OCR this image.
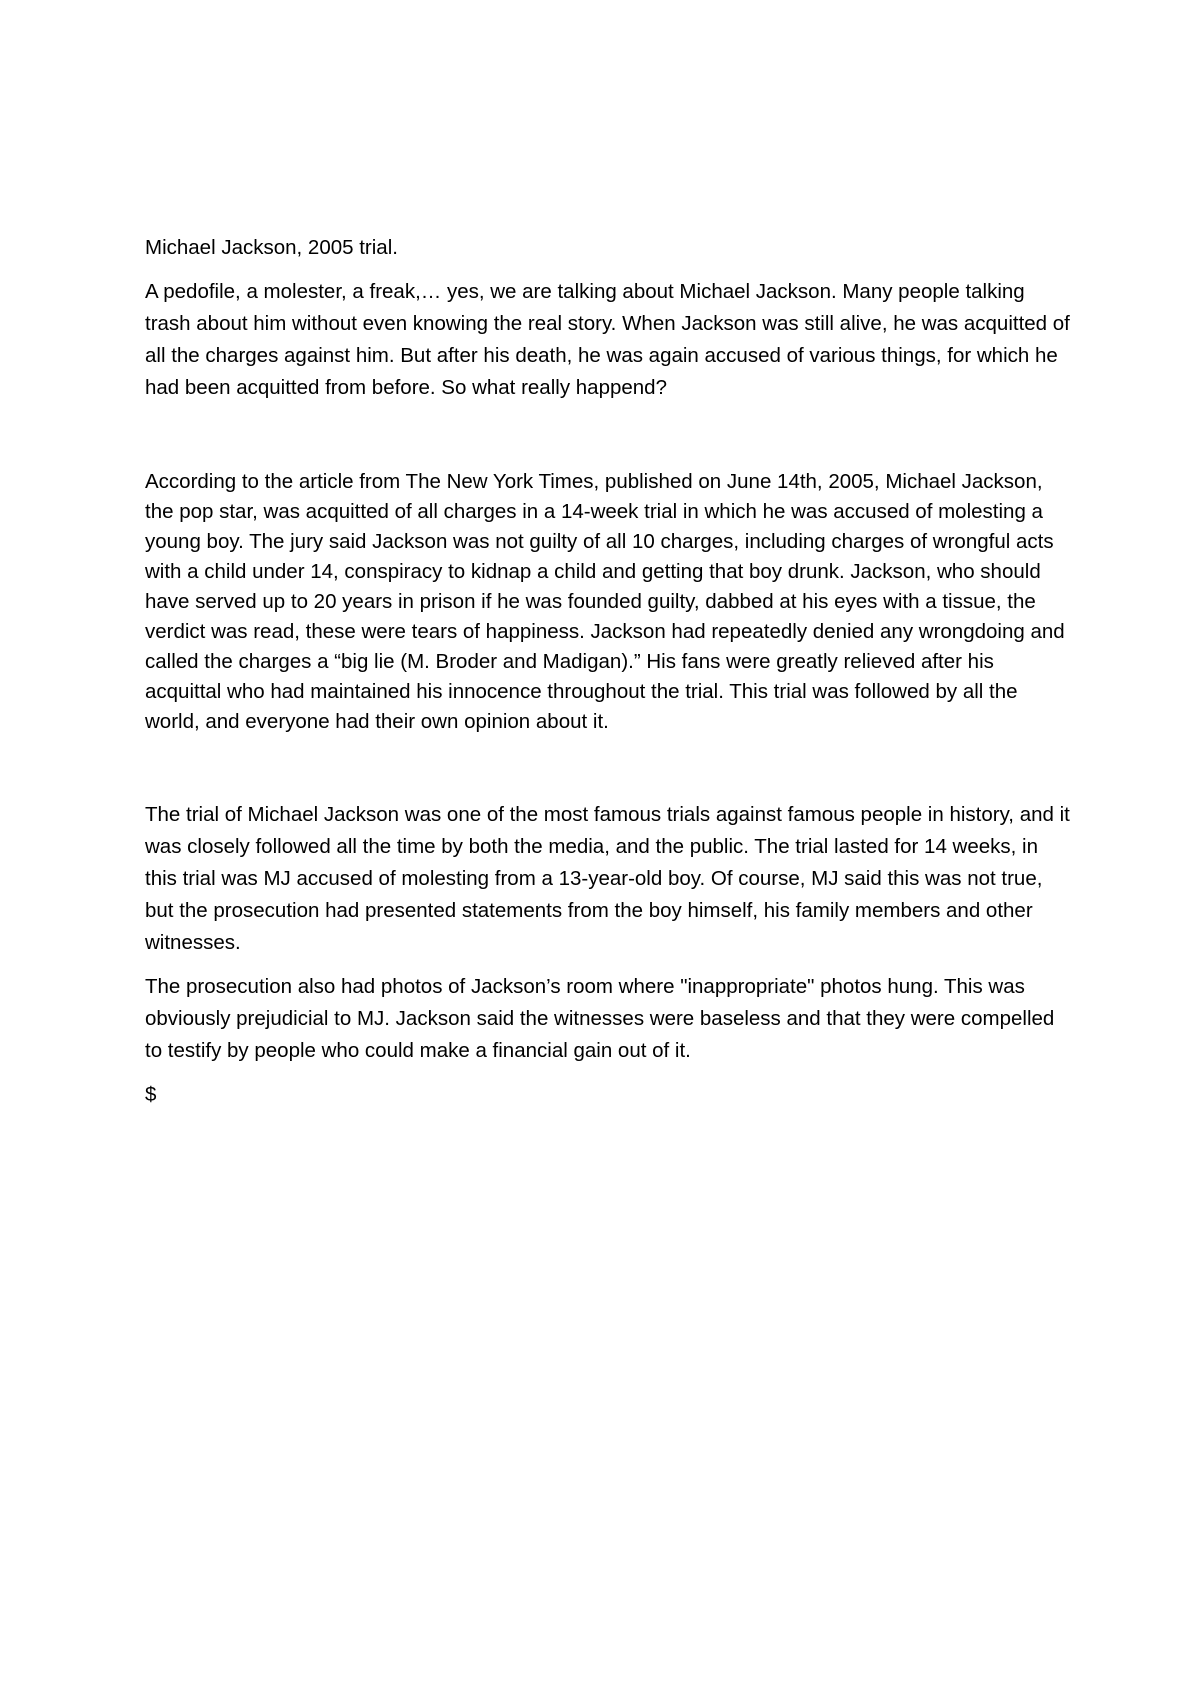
Michael Jackson, 2005 trial.

A pedofile, a molester, a freak,… yes, we are talking about Michael Jackson. Many people talking trash about him without even knowing the real story. When Jackson was still alive, he was acquitted of all the charges against him. But after his death, he was again accused of various things, for which he had been acquitted from before. So what really happend?

According to the article from The New York Times, published on June 14th, 2005, Michael Jackson, the pop star, was acquitted of all charges in a 14-week trial in which he was accused of molesting a young boy. The jury said Jackson was not guilty of all 10 charges, including charges of wrongful acts with a child under 14, conspiracy to kidnap a child and getting that boy drunk. Jackson, who should have served up to 20 years in prison if he was founded guilty, dabbed at his eyes with a tissue, the verdict was read, these were tears of happiness. Jackson had repeatedly denied any wrongdoing and called the charges a “big lie (M. Broder and Madigan).” His fans were greatly relieved after his acquittal who had maintained his innocence throughout the trial. This trial was followed by all the world, and everyone had their own opinion about it.

The trial of Michael Jackson was one of the most famous trials against famous people in history, and it was closely followed all the time by both the media, and the public. The trial lasted for 14 weeks, in this trial was MJ accused of molesting from a 13-year-old boy. Of course, MJ said this was not true, but the prosecution had presented statements from the boy himself, his family members and other witnesses.

The prosecution also had photos of Jackson’s room where "inappropriate" photos hung. This was obviously prejudicial to MJ. Jackson said the witnesses were baseless and that they were compelled to testify by people who could make a financial gain out of it.

$
